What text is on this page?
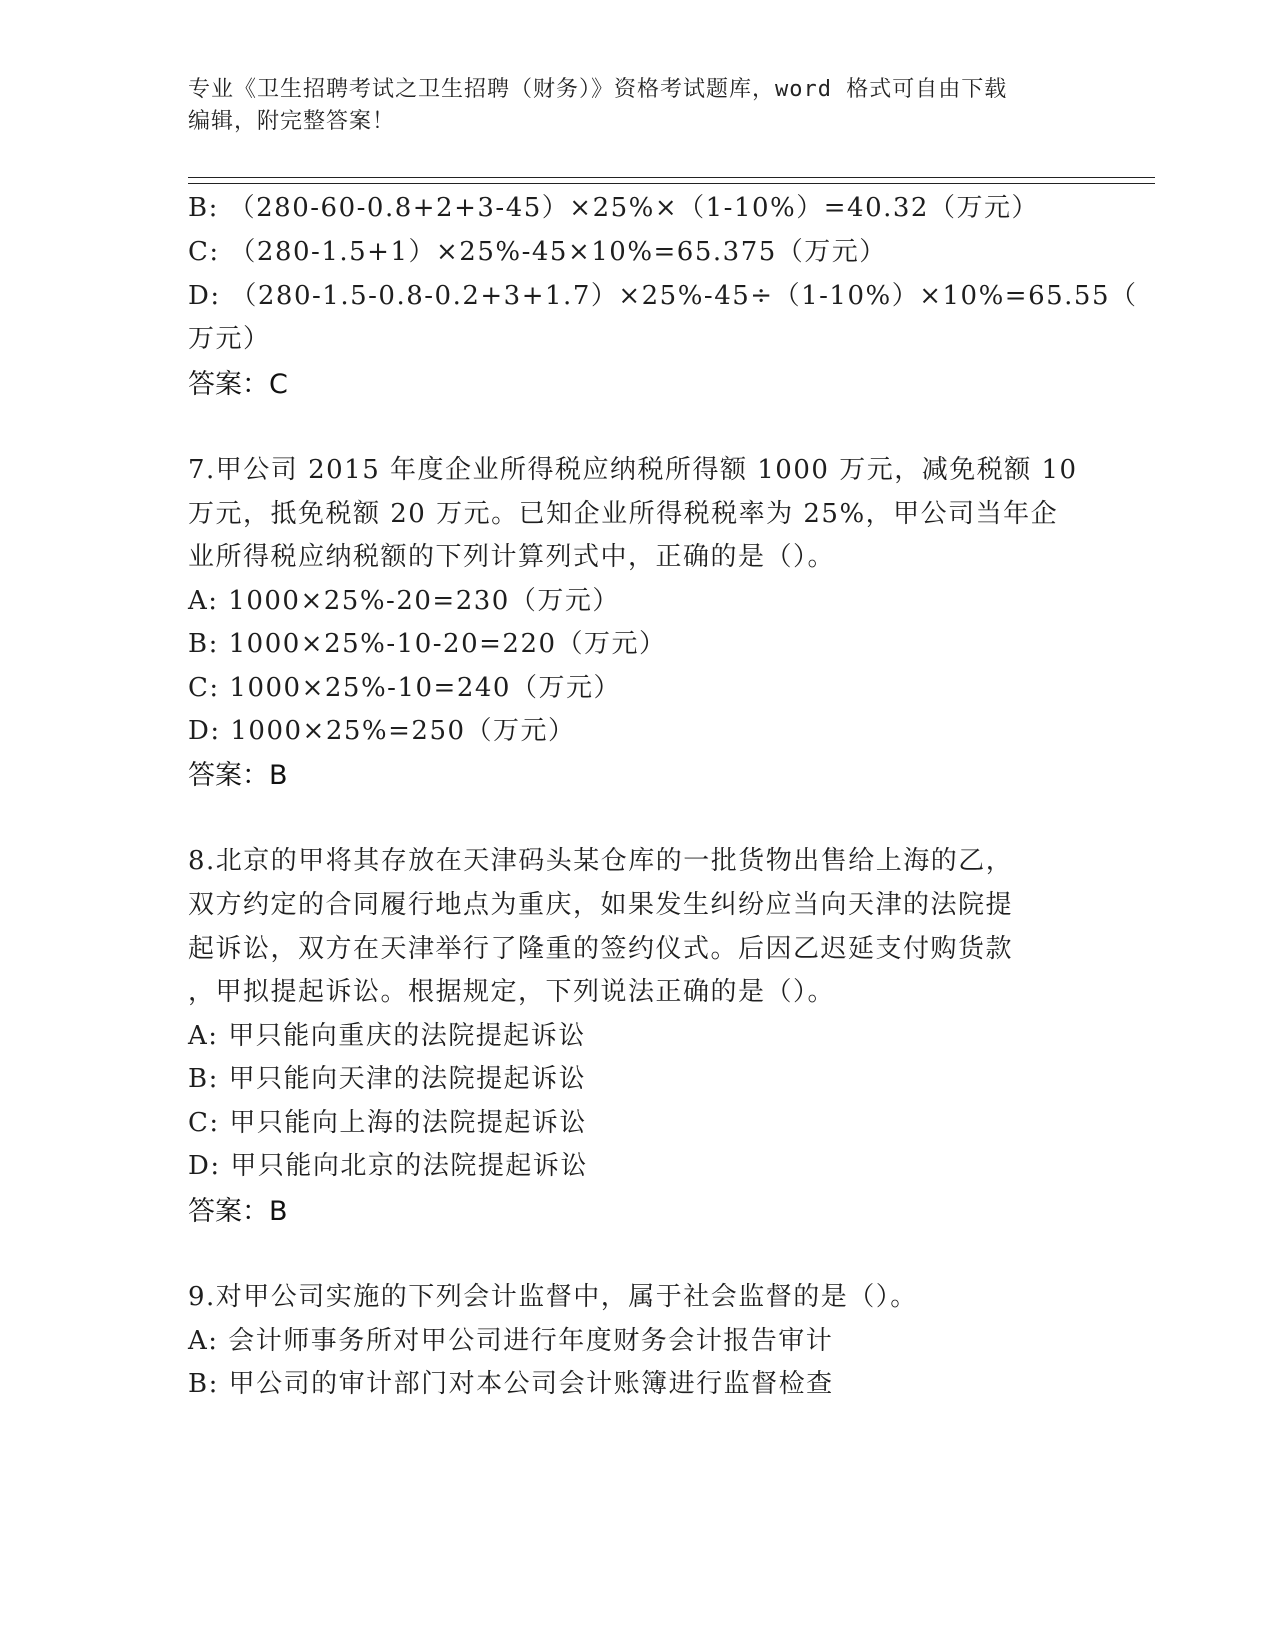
专业《卫生招聘考试之卫生招聘（财务）》资格考试题库，word 格式可自由下载
编辑，附完整答案！
B: （280-60-0.8+2+3-45）×25%×（1-10%）=40.32（万元）
C: （280-1.5+1）×25%-45×10%=65.375（万元）
D: （280-1.5-0.8-0.2+3+1.7）×25%-45÷（1-10%）×10%=65.55（
万元）
答案：C
7.甲公司 2015 年度企业所得税应纳税所得额 1000 万元，减免税额 10
万元，抵免税额 20 万元。已知企业所得税税率为 25%，甲公司当年企
业所得税应纳税额的下列计算列式中，正确的是（）。
A: 1000×25%-20=230（万元）
B: 1000×25%-10-20=220（万元）
C: 1000×25%-10=240（万元）
D: 1000×25%=250（万元）
答案：B
8.北京的甲将其存放在天津码头某仓库的一批货物出售给上海的乙，
双方约定的合同履行地点为重庆，如果发生纠纷应当向天津的法院提
起诉讼，双方在天津举行了隆重的签约仪式。后因乙迟延支付购货款
，甲拟提起诉讼。根据规定，下列说法正确的是（）。
A: 甲只能向重庆的法院提起诉讼
B: 甲只能向天津的法院提起诉讼
C: 甲只能向上海的法院提起诉讼
D: 甲只能向北京的法院提起诉讼
答案：B
9.对甲公司实施的下列会计监督中，属于社会监督的是（）。
A: 会计师事务所对甲公司进行年度财务会计报告审计
B: 甲公司的审计部门对本公司会计账簿进行监督检查
